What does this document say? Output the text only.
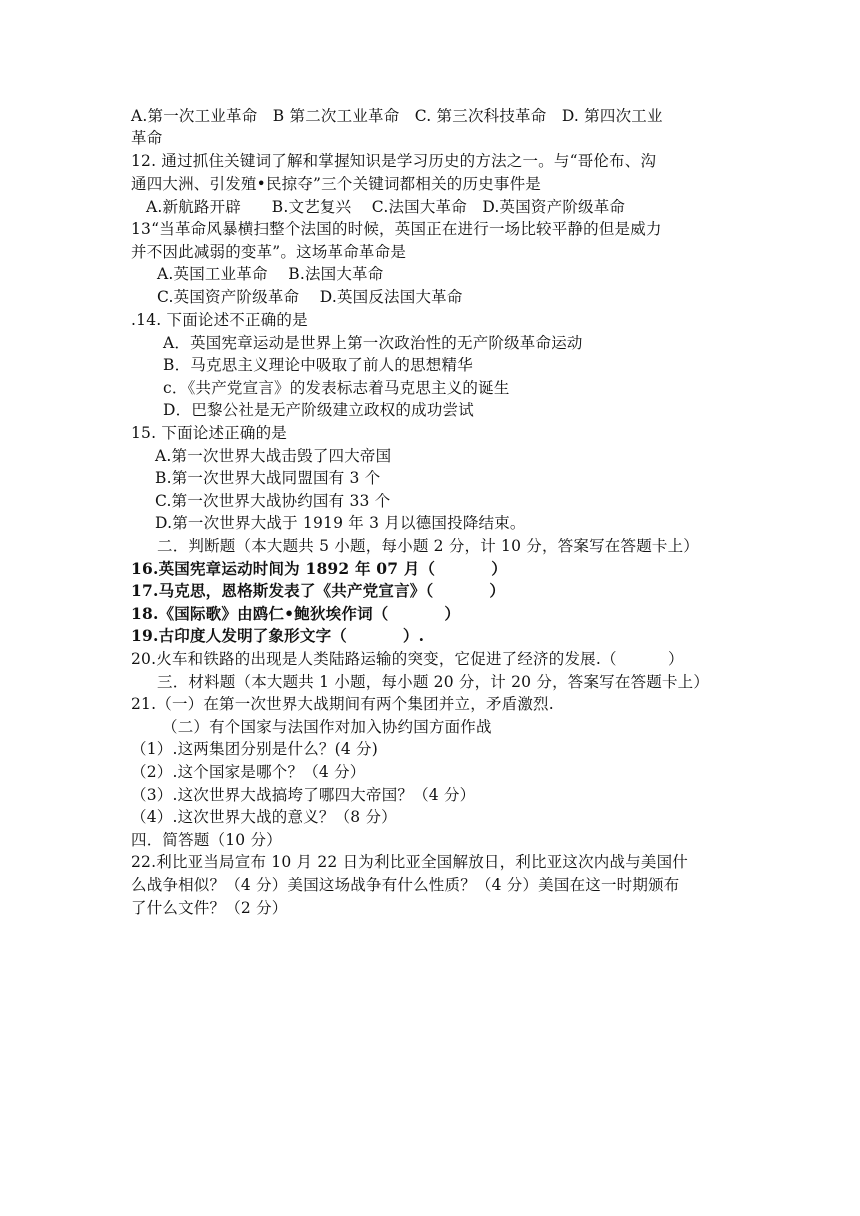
A.第一次工业革命   B 第二次工业革命   C. 第三次科技革命   D. 第四次工业
革命
12. 通过抓住关键词了解和掌握知识是学习历史的方法之一。与“哥伦布、沟
通四大洲、引发殖•民掠夺”三个关键词都相关的历史事件是
A.新航路开辟      B.文艺复兴    C.法国大革命   D.英国资产阶级革命
13“当革命风暴横扫整个法国的时候，英国正在进行一场比较平静的但是威力
并不因此减弱的变革”。这场革命革命是
A.英国工业革命    B.法国大革命
C.英国资产阶级革命    D.英国反法国大革命
.14. 下面论述不正确的是
A．英国宪章运动是世界上第一次政治性的无产阶级革命运动
B．马克思主义理论中吸取了前人的思想精华
c．《共产党宣言》的发表标志着马克思主义的诞生
D．巴黎公社是无产阶级建立政权的成功尝试
15. 下面论述正确的是
A.第一次世界大战击毁了四大帝国
B.第一次世界大战同盟国有 3 个
C.第一次世界大战协约国有 33 个
D.第一次世界大战于 1919 年 3 月以德国投降结束。
二．判断题（本大题共 5 小题，每小题 2 分，计 10 分，答案写在答题卡上）
16.英国宪章运动时间为 1892 年 07 月（          ）
17.马克思，恩格斯发表了《共产党宣言》（          ）
18.《国际歌》由鸥仁•鲍狄埃作词（          ）
19.古印度人发明了象形文字（          ）.
20.火车和铁路的出现是人类陆路运输的突变，它促进了经济的发展.（          ）
三．材料题（本大题共 1 小题，每小题 20 分，计 20 分，答案写在答题卡上）
21.（一）在第一次世界大战期间有两个集团并立，矛盾激烈.
（二）有个国家与法国作对加入协约国方面作战
（1）.这两集团分别是什么？(4 分)
（2）.这个国家是哪个？（4 分）
（3）.这次世界大战搞垮了哪四大帝国？（4 分）
（4）.这次世界大战的意义？（8 分）
四．简答题（10 分）
22.利比亚当局宣布 10 月 22 日为利比亚全国解放日，利比亚这次内战与美国什
么战争相似？（4 分）美国这场战争有什么性质？（4 分）美国在这一时期颁布
了什么文件？（2 分）
